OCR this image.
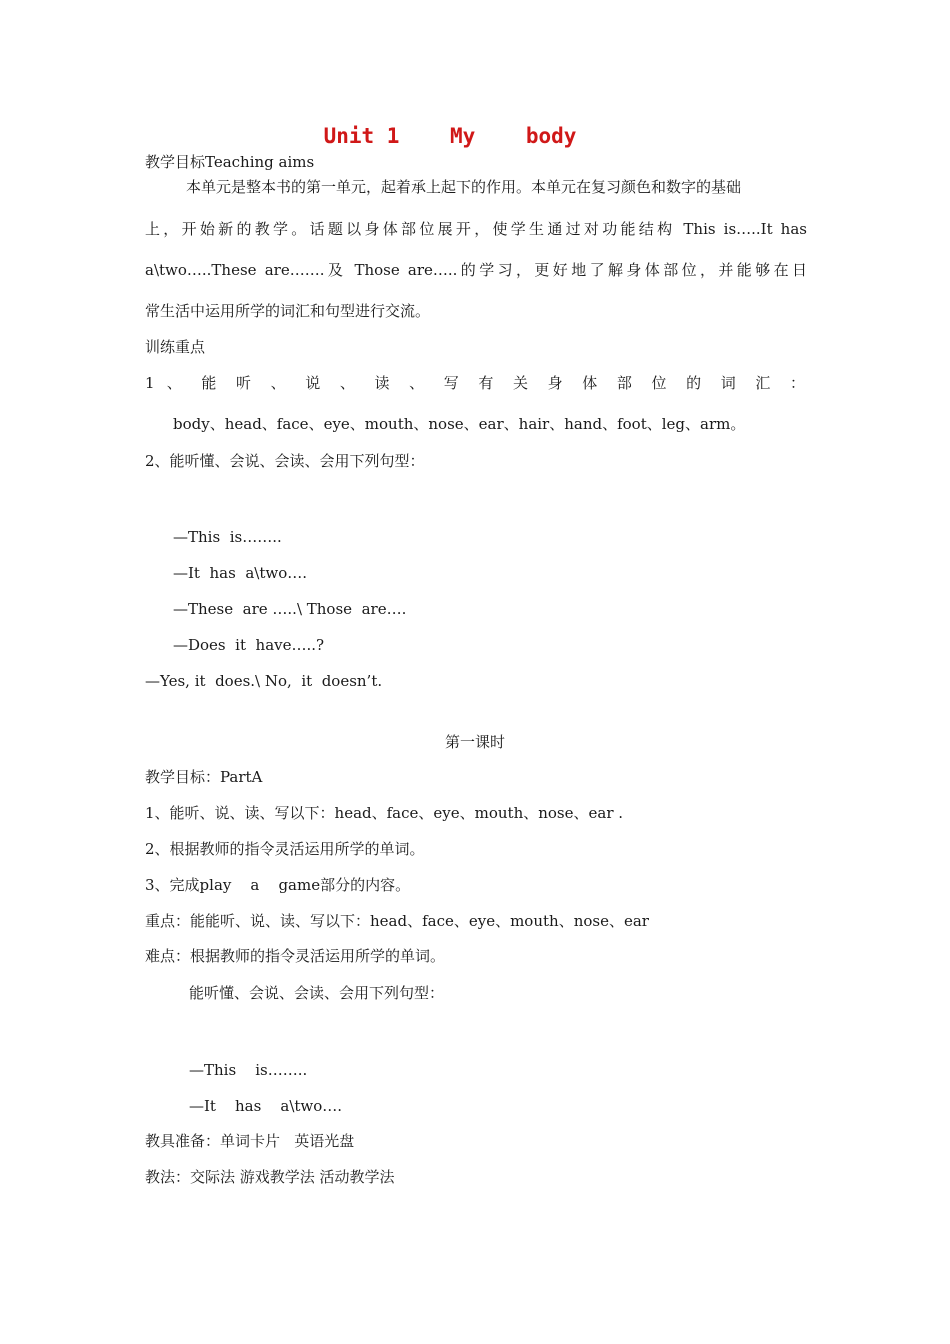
Unit 1    My    body
教学目标Teaching aims
本单元是整本书的第一单元，起着承上起下的作用。本单元在复习颜色和数字的基础
上，开始新的教学。话题以身体部位展开，使学生通过对功能结构 This is…..It has
a\two…..These are…….及 Those are…..的学习，更好地了解身体部位，并能够在日
常生活中运用所学的词汇和句型进行交流。
训练重点
1 、 能 听 、 说 、 读 、 写 有 关 身 体 部 位 的 词 汇 ：
body、head、face、eye、mouth、nose、ear、hair、hand、foot、leg、arm。
2、能听懂、会说、会读、会用下列句型：
—This  is……..
—It  has  a\two….
—These  are …..\ Those  are….
—Does  it  have…..?
—Yes, it  does.\ No,  it  doesn’t.
第一课时
教学目标：PartA
1、能听、说、读、写以下：head、face、eye、mouth、nose、ear .
2、根据教师的指令灵活运用所学的单词。
3、完成play    a    game部分的内容。
重点：能能听、说、读、写以下：head、face、eye、mouth、nose、ear
难点：根据教师的指令灵活运用所学的单词。
能听懂、会说、会读、会用下列句型：
—This    is……..
—It    has    a\two….
教具准备：单词卡片   英语光盘
教法：交际法 游戏教学法 活动教学法
